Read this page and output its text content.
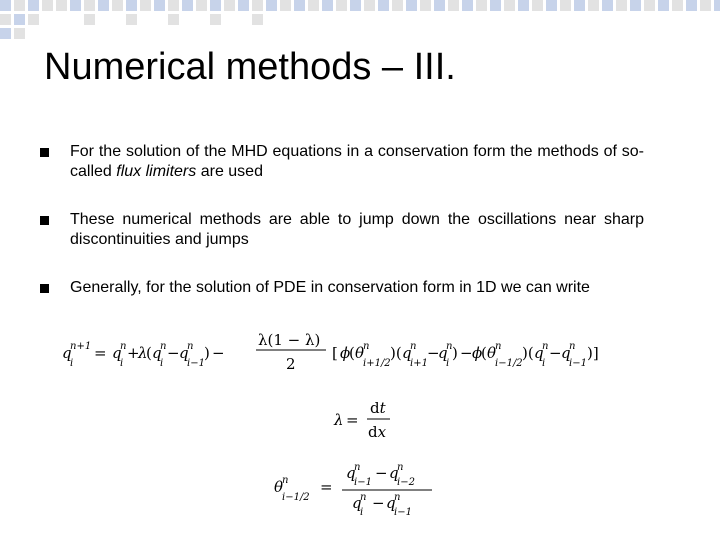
Numerical methods – III.
For the solution of the MHD equations in a conservation form the methods of so-called flux limiters are used
These numerical methods are able to jump down the oscillations near sharp discontinuities and jumps
Generally, for the solution of PDE in conservation form in 1D we can write
q
i
n+1 = q
i
n +
λ
( q
i
n − q
i−1
n ) −
λ(1 − λ)
2
[ ϕ
( θ
i+1/2
n )( q
i+1
n −
q
i
n ) − ϕ
( θ
i−1/2
n )( q
i
n − q
i−1
n )]
λ =
dt
dx
θ
i−1/2
n =
q
i−1
n − q
i−2
n
q
i
n − q
i−1
n
